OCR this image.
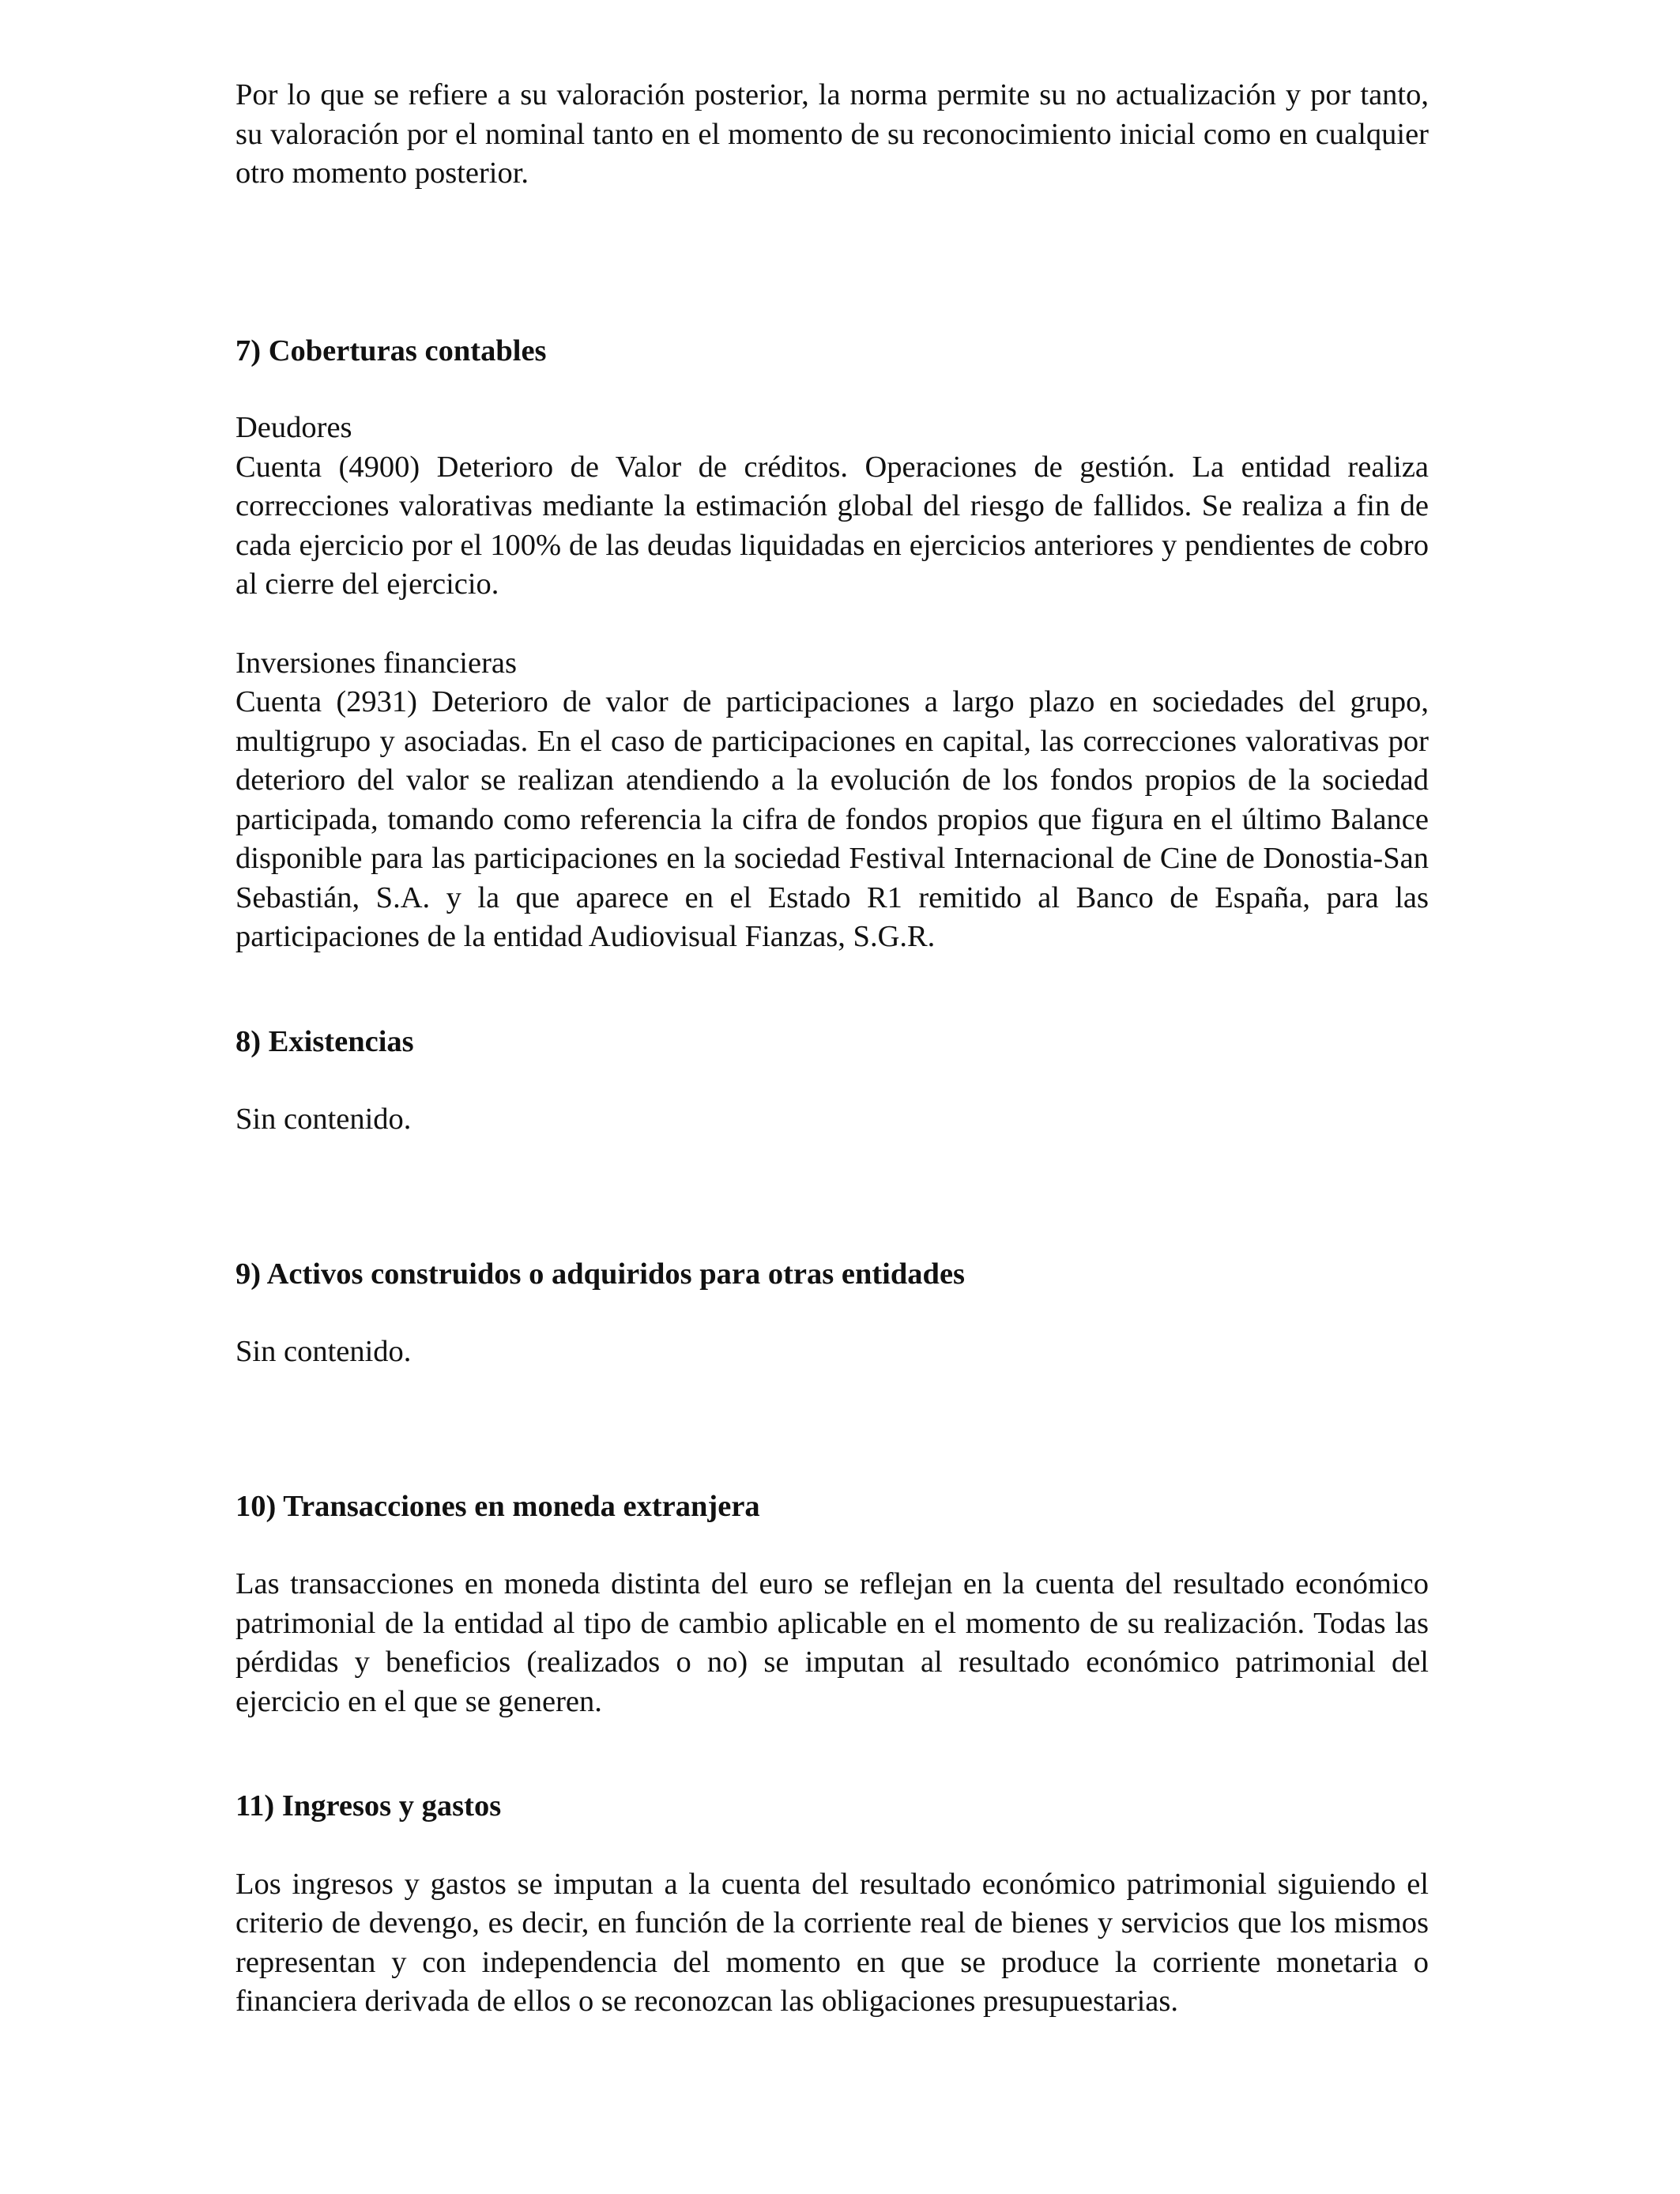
Por lo que se refiere a su valoración posterior, la norma permite su no actualización y por tanto, su valoración por el nominal tanto en el momento de su reconocimiento inicial como en cualquier otro momento posterior.

7) Coberturas contables

Deudores

Cuenta (4900) Deterioro de Valor de créditos. Operaciones de gestión. La entidad realiza correcciones valorativas mediante la estimación global del riesgo de fallidos. Se realiza a fin de cada ejercicio por el 100% de las deudas liquidadas en ejercicios anteriores y pendientes de cobro al cierre del ejercicio.

Inversiones financieras

Cuenta (2931) Deterioro de valor de participaciones a largo plazo en sociedades del grupo, multigrupo y asociadas. En el caso de participaciones en capital, las correcciones valorativas por deterioro del valor se realizan atendiendo a la evolución de los fondos propios de la sociedad participada, tomando como referencia la cifra de fondos propios que figura en el último Balance disponible para las participaciones en la sociedad Festival Internacional de Cine de Donostia-San Sebastián, S.A. y la que aparece en el Estado R1 remitido al Banco de España, para las participaciones de la entidad Audiovisual Fianzas, S.G.R.

8) Existencias

Sin contenido.

9) Activos construidos o adquiridos para otras entidades

Sin contenido.

10) Transacciones en moneda extranjera

Las transacciones en moneda distinta del euro se reflejan en la cuenta del resultado económico patrimonial de la entidad al tipo de cambio aplicable en el momento de su realización. Todas las pérdidas y beneficios (realizados o no) se imputan al resultado económico patrimonial del ejercicio en el que se generen.

11) Ingresos y gastos

Los ingresos y gastos se imputan a la cuenta del resultado económico patrimonial siguiendo el criterio de devengo, es decir, en función de la corriente real de bienes y servicios que los mismos representan y con independencia del momento en que se produce la corriente monetaria o financiera derivada de ellos o se reconozcan las obligaciones presupuestarias.
